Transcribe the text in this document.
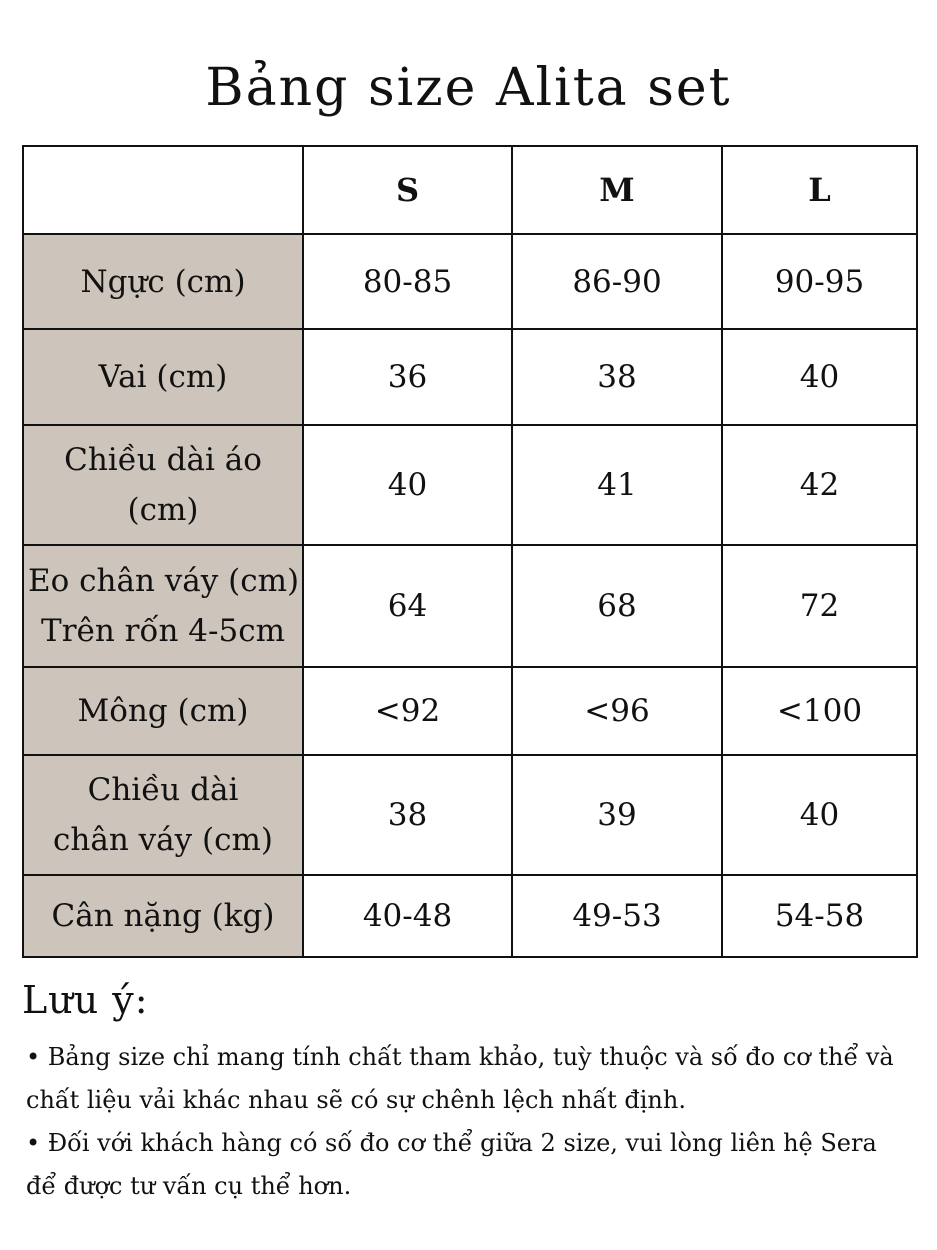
Bảng size Alita set
	S	M	L

Ngực (cm)	80-85	86-90	90-95

Vai (cm)	36	38	40

Chiều dài áo
(cm)	40	41	42

Eo chân váy (cm)
Trên rốn 4-5cm	64	68	72

Mông (cm)	<92	<96	<100

Chiều dài
chân váy (cm)	38	39	40

Cân nặng (kg)	40-48	49-53	54-58
Lưu ý:
• Bảng size chỉ mang tính chất tham khảo, tuỳ thuộc và số đo cơ thể và
chất liệu vải khác nhau sẽ có sự chênh lệch nhất định.
• Đối với khách hàng có số đo cơ thể giữa 2 size, vui lòng liên hệ Sera
để được tư vấn cụ thể hơn.
